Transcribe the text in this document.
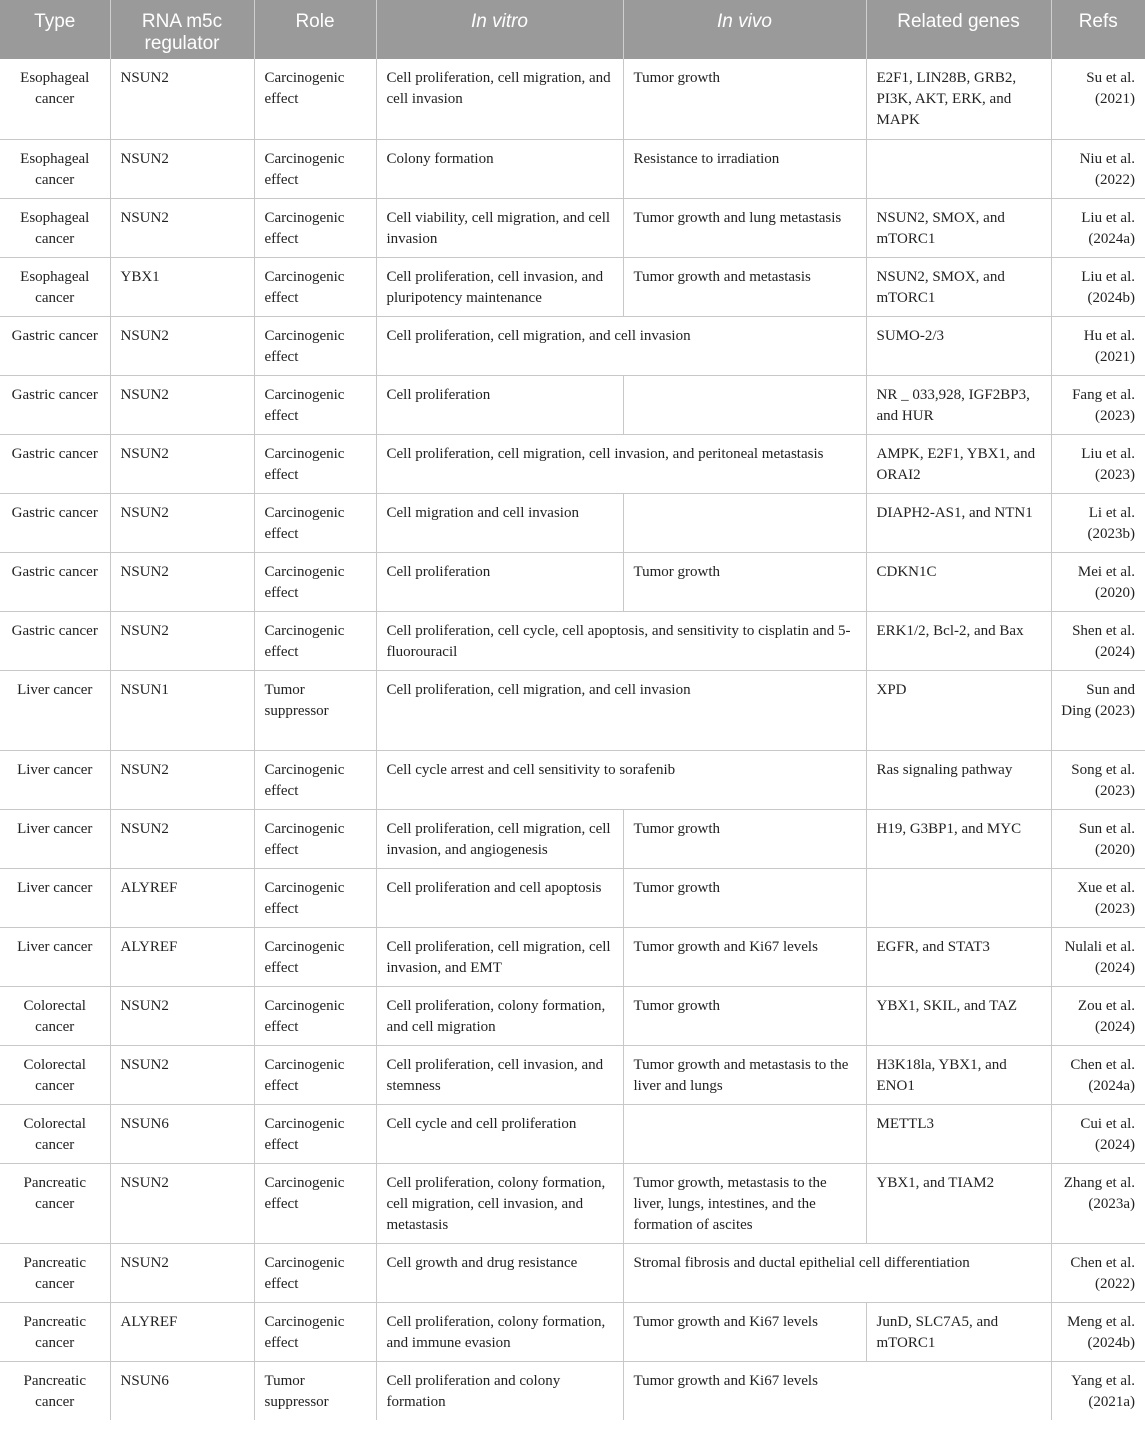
Type	RNA m5c regulator	Role	In vitro	In vivo	Related genes	Refs
Esophageal cancer	NSUN2	Carcinogenic effect	Cell proliferation, cell migration, and cell invasion	Tumor growth	E2F1, LIN28B, GRB2, PI3K, AKT, ERK, and MAPK	Su et al. (2021)
Esophageal cancer	NSUN2	Carcinogenic effect	Colony formation	Resistance to irradiation		Niu et al. (2022)
Esophageal cancer	NSUN2	Carcinogenic effect	Cell viability, cell migration, and cell invasion	Tumor growth and lung metastasis	NSUN2, SMOX, and mTORC1	Liu et al. (2024a)
Esophageal cancer	YBX1	Carcinogenic effect	Cell proliferation, cell invasion, and pluripotency maintenance	Tumor growth and metastasis	NSUN2, SMOX, and mTORC1	Liu et al. (2024b)
Gastric cancer	NSUN2	Carcinogenic effect	Cell proliferation, cell migration, and cell invasion		SUMO-2/3	Hu et al. (2021)
Gastric cancer	NSUN2	Carcinogenic effect	Cell proliferation		NR _ 033,928, IGF2BP3, and HUR	Fang et al. (2023)
Gastric cancer	NSUN2	Carcinogenic effect	Cell proliferation, cell migration, cell invasion, and peritoneal metastasis		AMPK, E2F1, YBX1, and ORAI2	Liu et al. (2023)
Gastric cancer	NSUN2	Carcinogenic effect	Cell migration and cell invasion		DIAPH2-AS1, and NTN1	Li et al. (2023b)
Gastric cancer	NSUN2	Carcinogenic effect	Cell proliferation	Tumor growth	CDKN1C	Mei et al. (2020)
Gastric cancer	NSUN2	Carcinogenic effect	Cell proliferation, cell cycle, cell apoptosis, and sensitivity to cisplatin and 5-fluorouracil		ERK1/2, Bcl-2, and Bax	Shen et al. (2024)
Liver cancer	NSUN1	Tumor suppressor	Cell proliferation, cell migration, and cell invasion		XPD	Sun and Ding (2023)
Liver cancer	NSUN2	Carcinogenic effect	Cell cycle arrest and cell sensitivity to sorafenib		Ras signaling pathway	Song et al. (2023)
Liver cancer	NSUN2	Carcinogenic effect	Cell proliferation, cell migration, cell invasion, and angiogenesis	Tumor growth	H19, G3BP1, and MYC	Sun et al. (2020)
Liver cancer	ALYREF	Carcinogenic effect	Cell proliferation and cell apoptosis	Tumor growth		Xue et al. (2023)
Liver cancer	ALYREF	Carcinogenic effect	Cell proliferation, cell migration, cell invasion, and EMT	Tumor growth and Ki67 levels	EGFR, and STAT3	Nulali et al. (2024)
Colorectal cancer	NSUN2	Carcinogenic effect	Cell proliferation, colony formation, and cell migration	Tumor growth	YBX1, SKIL, and TAZ	Zou et al. (2024)
Colorectal cancer	NSUN2	Carcinogenic effect	Cell proliferation, cell invasion, and stemness	Tumor growth and metastasis to the liver and lungs	H3K18la, YBX1, and ENO1	Chen et al. (2024a)
Colorectal cancer	NSUN6	Carcinogenic effect	Cell cycle and cell proliferation		METTL3	Cui et al. (2024)
Pancreatic cancer	NSUN2	Carcinogenic effect	Cell proliferation, colony formation, cell migration, cell invasion, and metastasis	Tumor growth, metastasis to the liver, lungs, intestines, and the formation of ascites	YBX1, and TIAM2	Zhang et al. (2023a)
Pancreatic cancer	NSUN2	Carcinogenic effect	Cell growth and drug resistance	Stromal fibrosis and ductal epithelial cell differentiation		Chen et al. (2022)
Pancreatic cancer	ALYREF	Carcinogenic effect	Cell proliferation, colony formation, and immune evasion	Tumor growth and Ki67 levels	JunD, SLC7A5, and mTORC1	Meng et al. (2024b)
Pancreatic cancer	NSUN6	Tumor suppressor	Cell proliferation and colony formation	Tumor growth and Ki67 levels		Yang et al. (2021a)
